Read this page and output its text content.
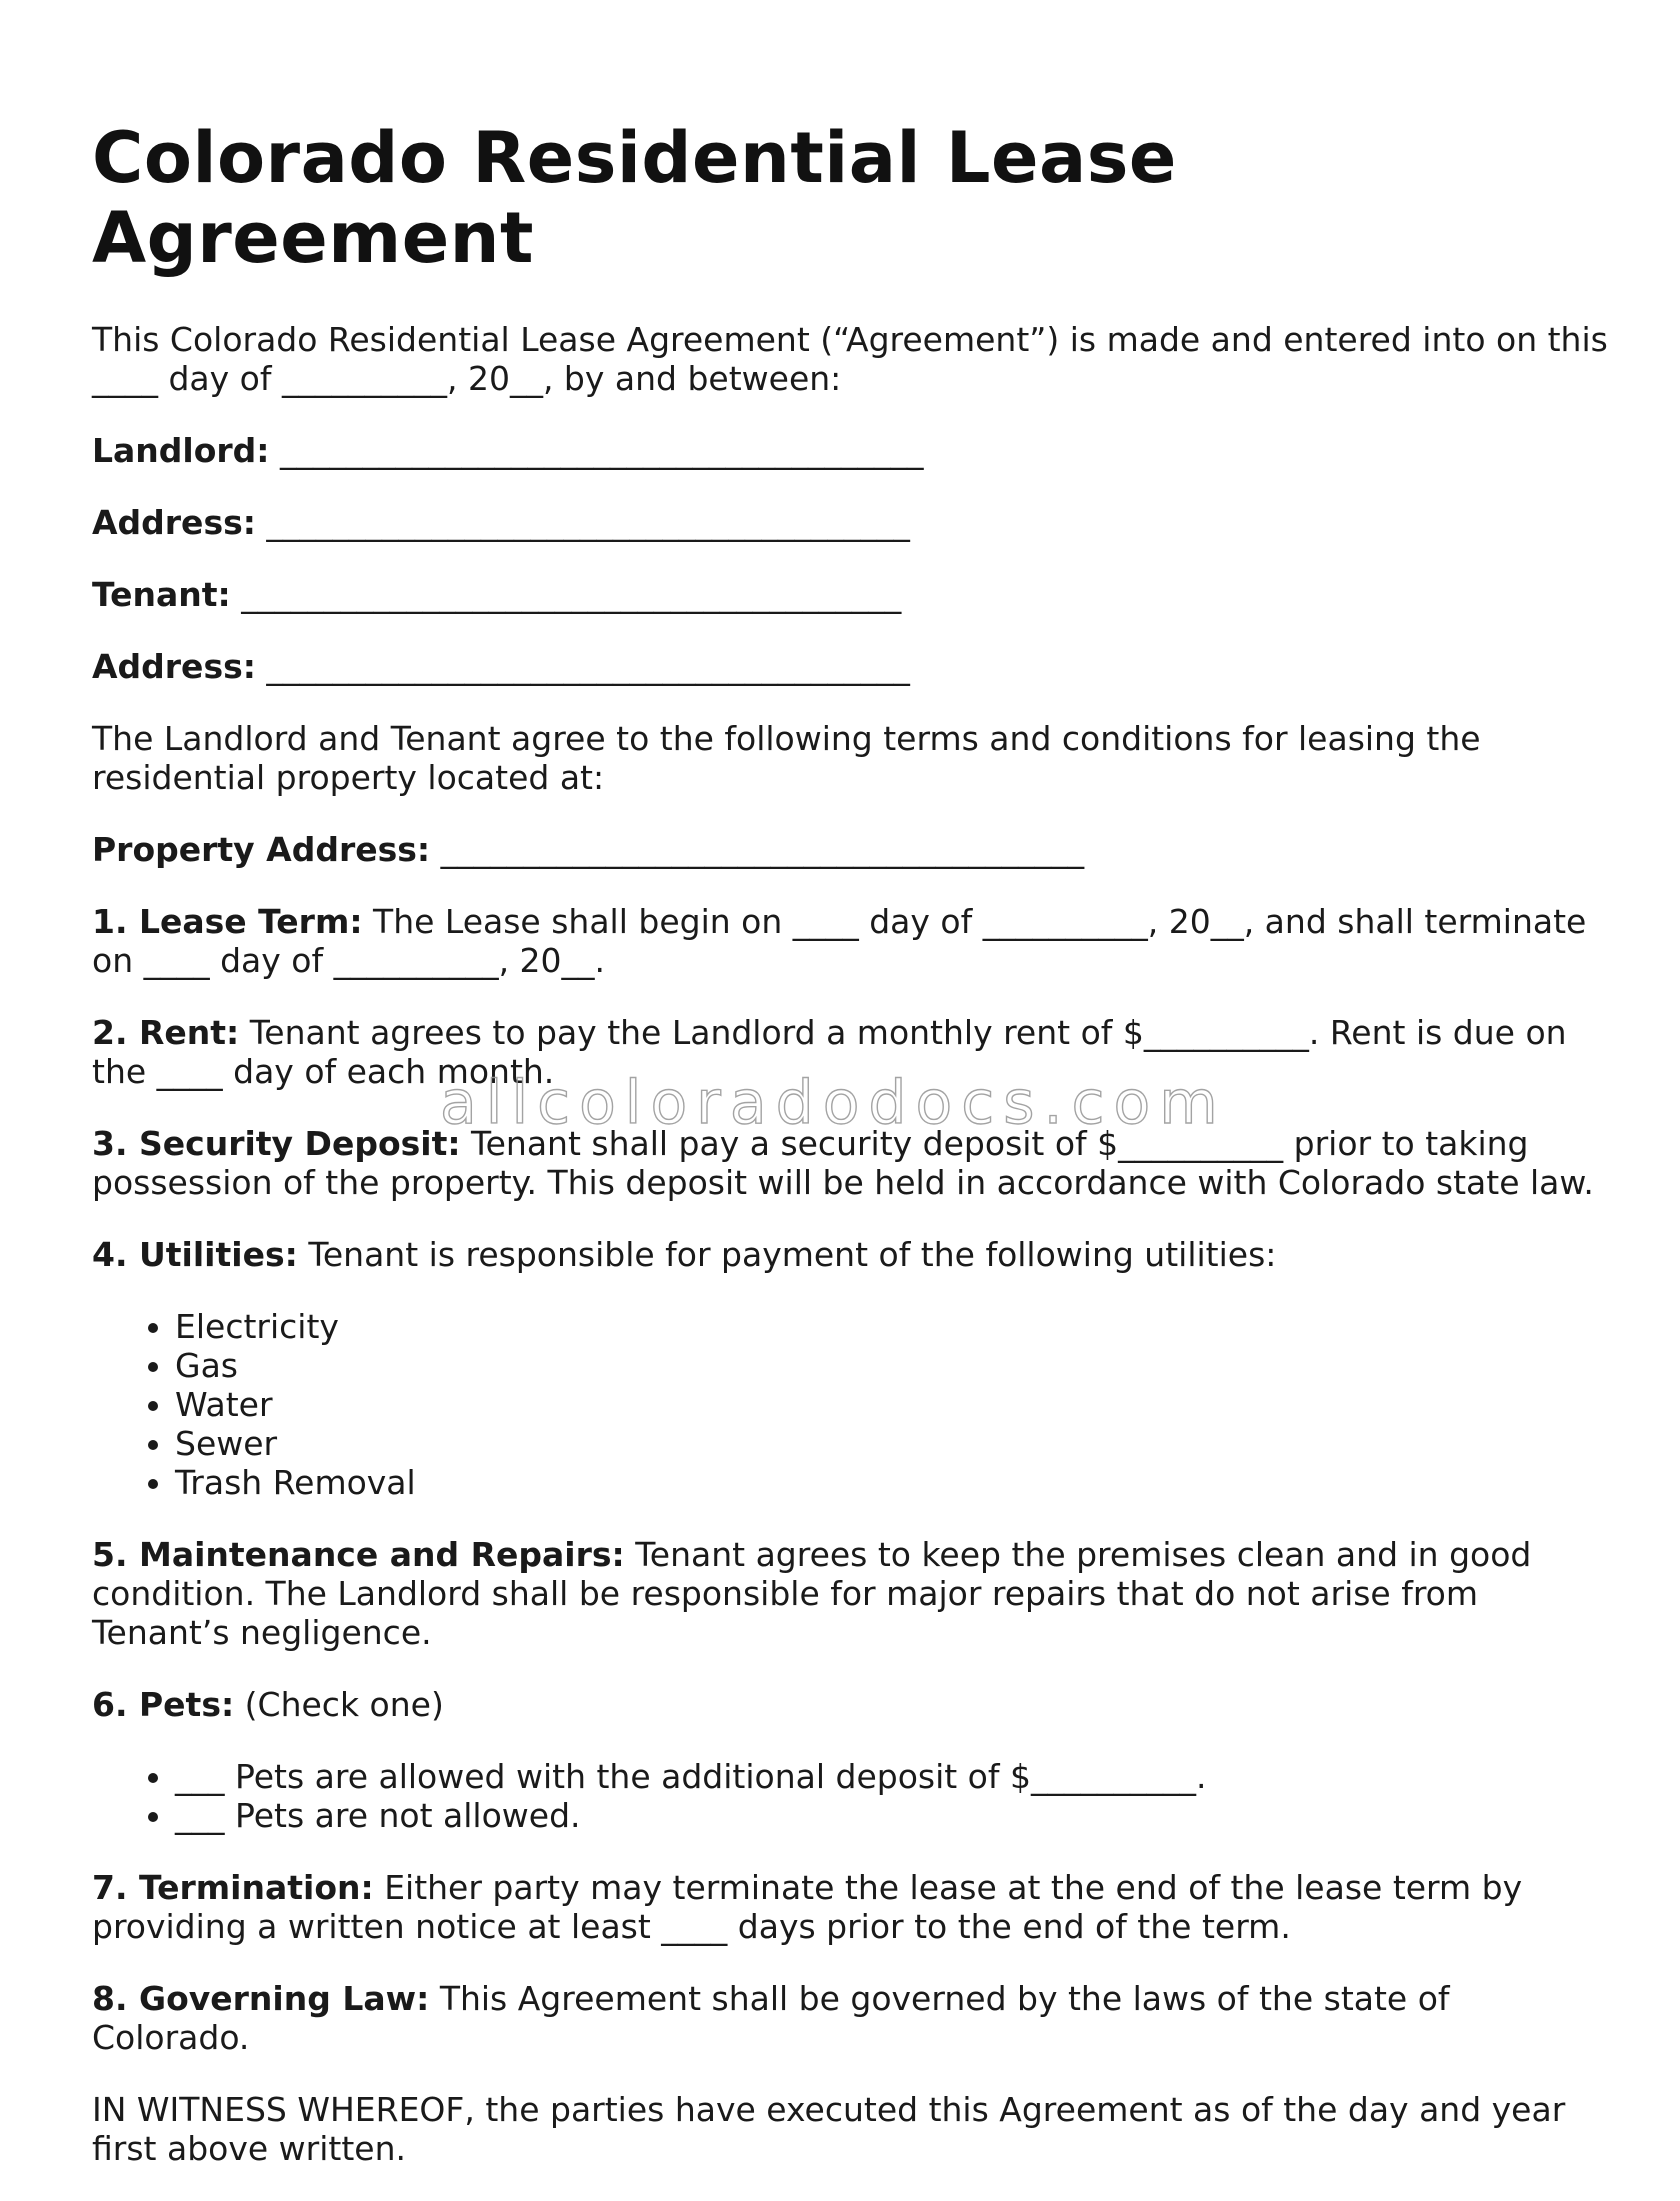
Colorado Residential Lease Agreement

This Colorado Residential Lease Agreement (“Agreement”) is made and entered into on this ____ day of __________, 20__, by and between:

Landlord: _______________________________________

Address: _______________________________________

Tenant: ________________________________________

Address: _______________________________________

The Landlord and Tenant agree to the following terms and conditions for leasing the residential property located at:

Property Address: _______________________________________

1. Lease Term: The Lease shall begin on ____ day of __________, 20__, and shall terminate on ____ day of __________, 20__.

2. Rent: Tenant agrees to pay the Landlord a monthly rent of $__________. Rent is due on the ____ day of each month.

3. Security Deposit: Tenant shall pay a security deposit of $__________ prior to taking possession of the property. This deposit will be held in accordance with Colorado state law.

4. Utilities: Tenant is responsible for payment of the following utilities:

• Electricity
• Gas
• Water
• Sewer
• Trash Removal

5. Maintenance and Repairs: Tenant agrees to keep the premises clean and in good condition. The Landlord shall be responsible for major repairs that do not arise from Tenant’s negligence.

6. Pets: (Check one)

• ___ Pets are allowed with the additional deposit of $__________.
• ___ Pets are not allowed.

7. Termination: Either party may terminate the lease at the end of the lease term by providing a written notice at least ____ days prior to the end of the term.

8. Governing Law: This Agreement shall be governed by the laws of the state of Colorado.

IN WITNESS WHEREOF, the parties have executed this Agreement as of the day and year first above written.

allcoloradodocs.com
